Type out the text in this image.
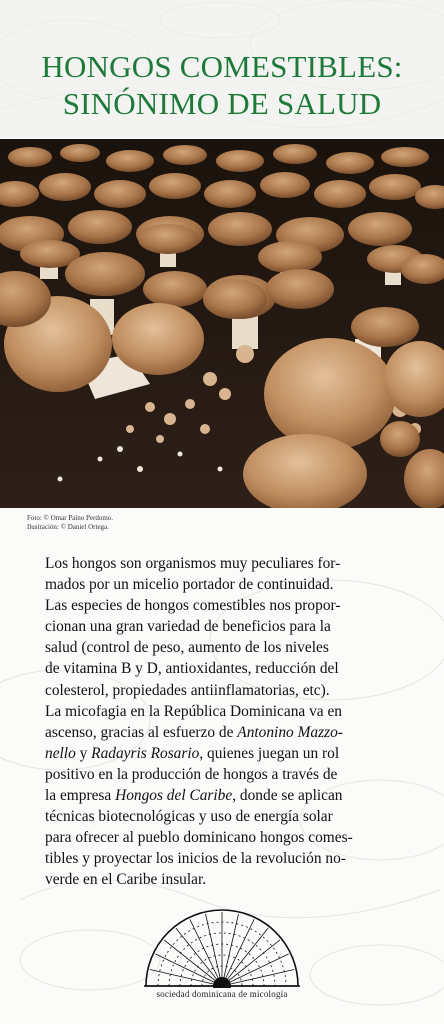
HONGOS COMESTIBLES:
SINÓNIMO DE SALUD
Foto: © Omar Paíno Perdomo.
Ilustración: © Daniel Ortega.
Los hongos son organismos muy peculiares for-
mados por un micelio portador de continuidad.
Las especies de hongos comestibles nos propor-
cionan una gran variedad de beneficios para la
salud (control de peso, aumento de los niveles
de vitamina B y D, antioxidantes, reducción del
colesterol, propiedades antiinflamatorias, etc).
La micofagia en la República Dominicana va en
ascenso, gracias al esfuerzo de Antonino Mazzo-
nello y Radayris Rosario, quienes juegan un rol
positivo en la producción de hongos a través de
la empresa Hongos del Caribe, donde se aplican
técnicas biotecnológicas y uso de energía solar
para ofrecer al pueblo dominicano hongos comes-
tibles y proyectar los inicios de la revolución no-
verde en el Caribe insular.
sociedad dominicana de micología
